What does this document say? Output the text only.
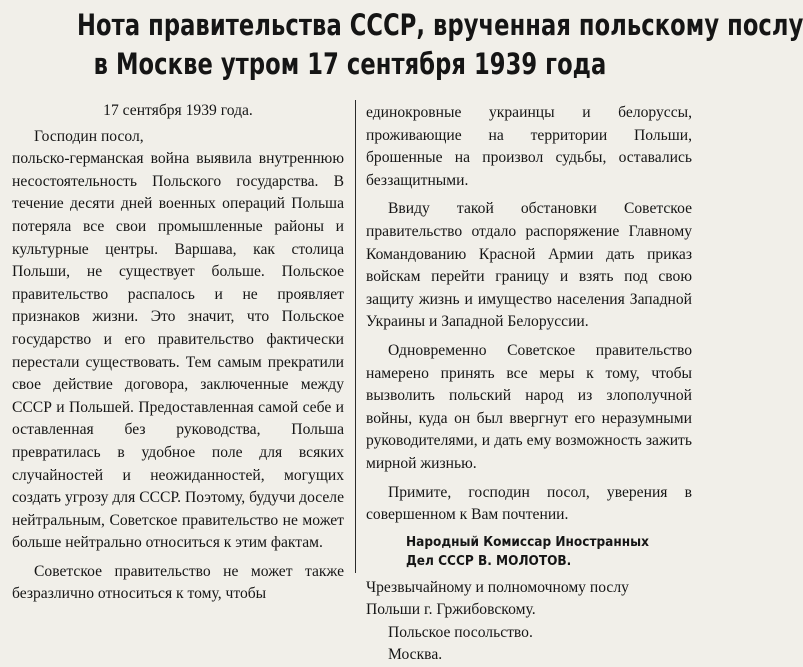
Нота правительства СССР, врученная польскому послу
в Москве утром 17 сентября 1939 года

17 сентября 1939 года.

Господин посол,

польско-германская война выявила внутреннюю несостоятельность Польского государства. В течение десяти дней военных операций Польша потеряла все свои промышленные районы и культурные центры. Варшава, как столица Польши, не существует больше. Польское правительство распалось и не проявляет признаков жизни. Это значит, что Польское государство и его правительство фактически перестали существовать. Тем самым прекратили свое действие договора, заключенные между СССР и Польшей. Предоставленная самой себе и оставленная без руководства, Польша превратилась в удобное поле для всяких случайностей и неожиданностей, могущих создать угрозу для СССР. Поэтому, будучи доселе нейтральным, Советское правительство не может больше нейтрально относиться к этим фактам.

Советское правительство не может также безразлично относиться к тому, чтобы

единокровные украинцы и белоруссы, проживающие на территории Польши, брошенные на произвол судьбы, оставались беззащитными.

Ввиду такой обстановки Советское правительство отдало распоряжение Главному Командованию Красной Армии дать приказ войскам перейти границу и взять под свою защиту жизнь и имущество населения Западной Украины и Западной Белоруссии.

Одновременно Советское правительство намерено принять все меры к тому, чтобы вызволить польский народ из злополучной войны, куда он был ввергнут его неразумными руководителями, и дать ему возможность зажить мирной жизнью.

Примите, господин посол, уверения в совершенном к Вам почтении.

Народный Комиссар Иностранных
Дел СССР В. МОЛОТОВ.

Чрезвычайному и полномочному послу

Польши г. Гржибовскому.

Польское посольство.

Москва.
